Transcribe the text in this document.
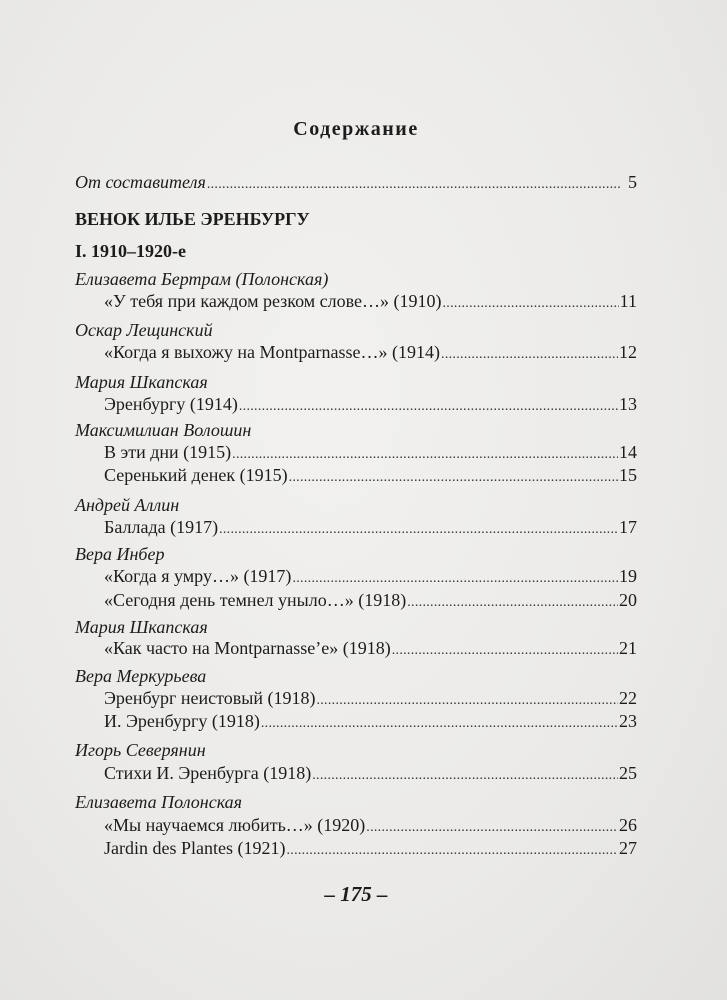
Содержание
От составителя . . .	5
ВЕНОК ИЛЬЕ ЭРЕНБУРГУ
I. 1910–1920-е
Елизавета Бертрам (Полонская)
«У тебя при каждом резком слове…» (1910) . . .	11
Оскар Лещинский
«Когда я выхожу на Montparnasse…» (1914) . . .	12
Мария Шкапская
Эренбургу (1914) . . .	13
Максимилиан Волошин
В эти дни (1915) . . .	14
Серенький денек (1915) . . .	15
Андрей Аллин
Баллада (1917) . . .	17
Вера Инбер
«Когда я умру…» (1917) . . .	19
«Сегодня день темнел уныло…» (1918) . . .	20
Мария Шкапская
«Как часто на Montparnasse’е» (1918) . . .	21
Вера Меркурьева
Эренбург неистовый (1918) . . .	22
И. Эренбургу (1918) . . .	23
Игорь Северянин
Стихи И. Эренбурга (1918) . . .	25
Елизавета Полонская
«Мы научаемся любить…» (1920) . . .	26
Jardin des Plantes (1921) . . .	27
– 175 –
